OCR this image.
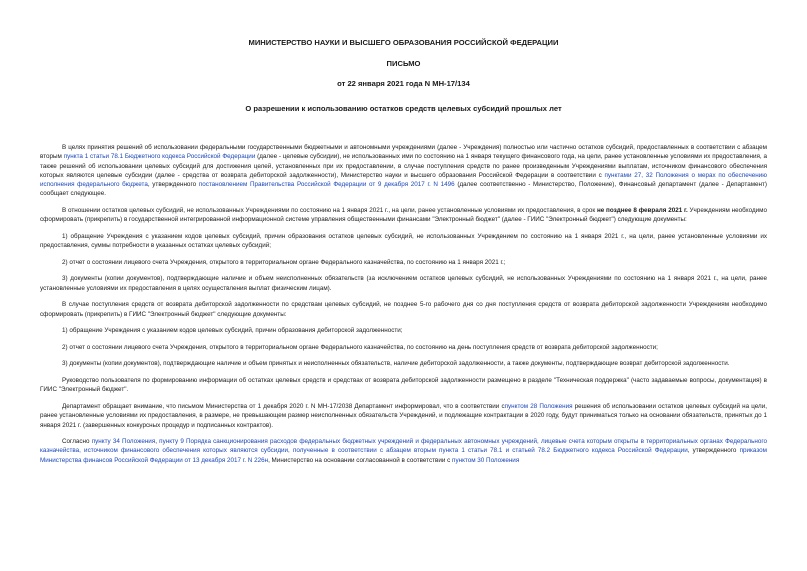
МИНИСТЕРСТВО НАУКИ И ВЫСШЕГО ОБРАЗОВАНИЯ РОССИЙСКОЙ ФЕДЕРАЦИИ
ПИСЬМО
от 22 января 2021 года N МН-17/134
О разрешении к использованию остатков средств целевых субсидий прошлых лет

В целях принятия решений об использовании федеральными государственными бюджетными и автономными учреждениями (далее - Учреждения) полностью или частично остатков субсидий, предоставленных в соответствии с абзацем вторым пункта 1 статьи 78.1 Бюджетного кодекса Российской Федерации (далее - целевые субсидии), не использованных ими по состоянию на 1 января текущего финансового года, на цели, ранее установленные условиями их предоставления, а также решений об использовании целевых субсидий для достижения целей, установленных при их предоставлении, в случае поступления средств по ранее произведенным Учреждениями выплатам, источником финансового обеспечения которых являются целевые субсидии (далее - средства от возврата дебиторской задолженности), Министерство науки и высшего образования Российской Федерации в соответствии с пунктами 27, 32 Положения о мерах по обеспечению исполнения федерального бюджета, утвержденного постановлением Правительства Российской Федерации от 9 декабря 2017 г. N 1496 (далее соответственно - Министерство, Положение), Финансовый департамент (далее - Департамент) сообщает следующее.

В отношении остатков целевых субсидий, не использованных Учреждениями по состоянию на 1 января 2021 г., на цели, ранее установленные условиями их предоставления, в срок не позднее 8 февраля 2021 г. Учреждениям необходимо сформировать (прикрепить) в государственной интегрированной информационной системе управления общественными финансами "Электронный бюджет" (далее - ГИИС "Электронный бюджет") следующие документы:

1) обращение Учреждения с указанием кодов целевых субсидий, причин образования остатков целевых субсидий, не использованных Учреждением по состоянию на 1 января 2021 г., на цели, ранее установленные условиями их предоставления, суммы потребности в указанных остатках целевых субсидий;

2) отчет о состоянии лицевого счета Учреждения, открытого в территориальном органе Федерального казначейства, по состоянию на 1 января 2021 г.;

3) документы (копии документов), подтверждающие наличие и объем неисполненных обязательств (за исключением остатков целевых субсидий, не использованных Учреждениями по состоянию на 1 января 2021 г., на цели, ранее установленные условиями их предоставления в целях осуществления выплат физическим лицам).

В случае поступления средств от возврата дебиторской задолженности по средствам целевых субсидий, не позднее 5-го рабочего дня со дня поступления средств от возврата дебиторской задолженности Учреждениям необходимо сформировать (прикрепить) в ГИИС "Электронный бюджет" следующие документы:

1) обращение Учреждения с указанием кодов целевых субсидий, причин образования дебиторской задолженности;

2) отчет о состоянии лицевого счета Учреждения, открытого в территориальном органе Федерального казначейства, по состоянию на день поступления средств от возврата дебиторской задолженности;

3) документы (копии документов), подтверждающие наличие и объем принятых и неисполненных обязательств, наличие дебиторской задолженности, а также документы, подтверждающие возврат дебиторской задолженности.

Руководство пользователя по формированию информации об остатках целевых средств и средствах от возврата дебиторской задолженности размещено в разделе "Техническая поддержка" (часто задаваемые вопросы, документация) в ГИИС "Электронный бюджет".

Департамент обращает внимание, что письмом Министерства от 1 декабря 2020 г. N МН-17/2038 Департамент информировал, что в соответствии спунктом 28 Положения решения об использовании остатков целевых субсидий на цели, ранее установленные условиями их предоставления, в размере, не превышающем размер неисполненных обязательств Учреждений, и подлежащие контрактации в 2020 году, будут приниматься только на основании обязательств, принятых до 1 января 2021 г. (завершенных конкурсных процедур и подписанных контрактов).

Согласно пункту 34 Положения, пункту 9 Порядка санкционирования расходов федеральных бюджетных учреждений и федеральных автономных учреждений, лицевые счета которым открыты в территориальных органах Федерального казначейства, источником финансового обеспечения которых являются субсидии, полученные в соответствии с абзацем вторым пункта 1 статьи 78.1 и статьей 78.2 Бюджетного кодекса Российской Федерации, утвержденного приказом Министерства финансов Российской Федерации от 13 декабря 2017 г. N 226н, Министерство на основании согласованной в соответствии с пунктом 30 Положения
